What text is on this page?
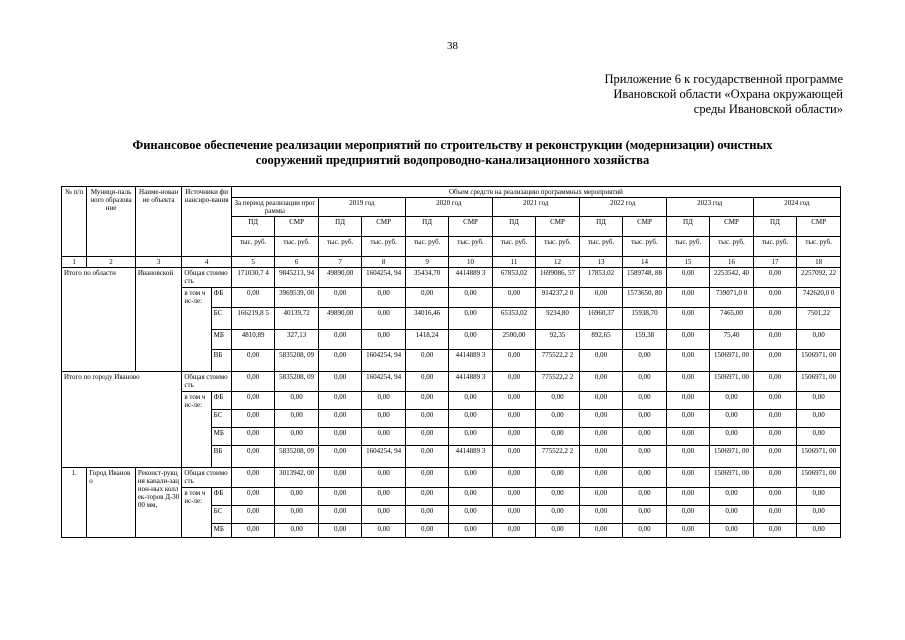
38
Приложение 6 к государственной программе
Ивановской области «Охрана окружающей
среды Ивановской области»
Финансовое обеспечение реализации мероприятий по строительству и реконструкции (модернизации) очистных
сооружений предприятий водопроводно-канализационного хозяйства
№ п/п	Муници-пального образова ние	Наиме-нование объекта	Источники финансиро-вания		Объем средств на реализацию программных мероприятий													
					За период реализации программы		2019 год		2020 год		2021 год		2022 год		2023 год		2024 год	
					ПД	СМР	ПД	СМР	ПД	СМР	ПД	СМР	ПД	СМР	ПД	СМР	ПД	СМР
					тыс. руб.	тыс. руб.	тыс. руб.	тыс. руб.	тыс. руб.	тыс. руб.	тыс. руб.	тыс. руб.	тыс. руб.	тыс. руб.	тыс. руб.	тыс. руб.	тыс. руб.	тыс. руб.
1	2	3	4		5	6	7	8	9	10	11	12	13	14	15	16	17	18
Итого по области		Ивановской	Общая стоимость		171030,7 4	9845213, 94	49890,00	1604254, 94	35434,70	4414889 3	67853,02	1699086, 57	17853,02	1589748, 88	0,00	2253542, 40	0,00	2257092, 22
			в том чис-ле:	ФБ	0,00	3969539, 00	0,00	0,00	0,00	0,00	0,00	914237,2 0	0,00	1573650, 80	0,00	739071,0 0	0,00	742620,0 0
				БС	166219,8 5	40139,72	49890,00	0,00	34016,46	0,00	65353,02	9234,80	16960,37	15938,70	0,00	7465,00	0,00	7501,22
				МБ	4810,89	327,13	0,00	0,00	1418,24	0,00	2500,00	92,35	892,65	159,38	0,00	75,40	0,00	0,00
				ВБ	0,00	5835208, 09	0,00	1604254, 94	0,00	4414889 3	0,00	775522,2 2	0,00	0,00	0,00	1506971, 00	0,00	1506971, 00
Итого по городу Иваново			Общая стоимость		0,00	5835208, 09	0,00	1604254, 94	0,00	4414889 3	0,00	775522,2 2	0,00	0,00	0,00	1506971, 00	0,00	1506971, 00
			в том чис-ле:	ФБ	0,00	0,00	0,00	0,00	0,00	0,00	0,00	0,00	0,00	0,00	0,00	0,00	0,00	0,00
				БС	0,00	0,00	0,00	0,00	0,00	0,00	0,00	0,00	0,00	0,00	0,00	0,00	0,00	0,00
				МБ	0,00	0,00	0,00	0,00	0,00	0,00	0,00	0,00	0,00	0,00	0,00	0,00	0,00	0,00
				ВБ	0,00	5835208, 09	0,00	1604254, 94	0,00	4414889 3	0,00	775522,2 2	0,00	0,00	0,00	1506971, 00	0,00	1506971, 00
1.	Город Иваново	Реконст-рукция канали-зацион-ных коллек-торов Д-3000 мм,	Общая стоимость		0,00	3013942, 00	0,00	0,00	0,00	0,00	0,00	0,00	0,00	0,00	0,00	1506971, 00	0,00	1506971, 00
			в том чис-ле:	ФБ	0,00	0,00	0,00	0,00	0,00	0,00	0,00	0,00	0,00	0,00	0,00	0,00	0,00	0,00
				БС	0,00	0,00	0,00	0,00	0,00	0,00	0,00	0,00	0,00	0,00	0,00	0,00	0,00	0,00
				МБ	0,00	0,00	0,00	0,00	0,00	0,00	0,00	0,00	0,00	0,00	0,00	0,00	0,00	0,00
